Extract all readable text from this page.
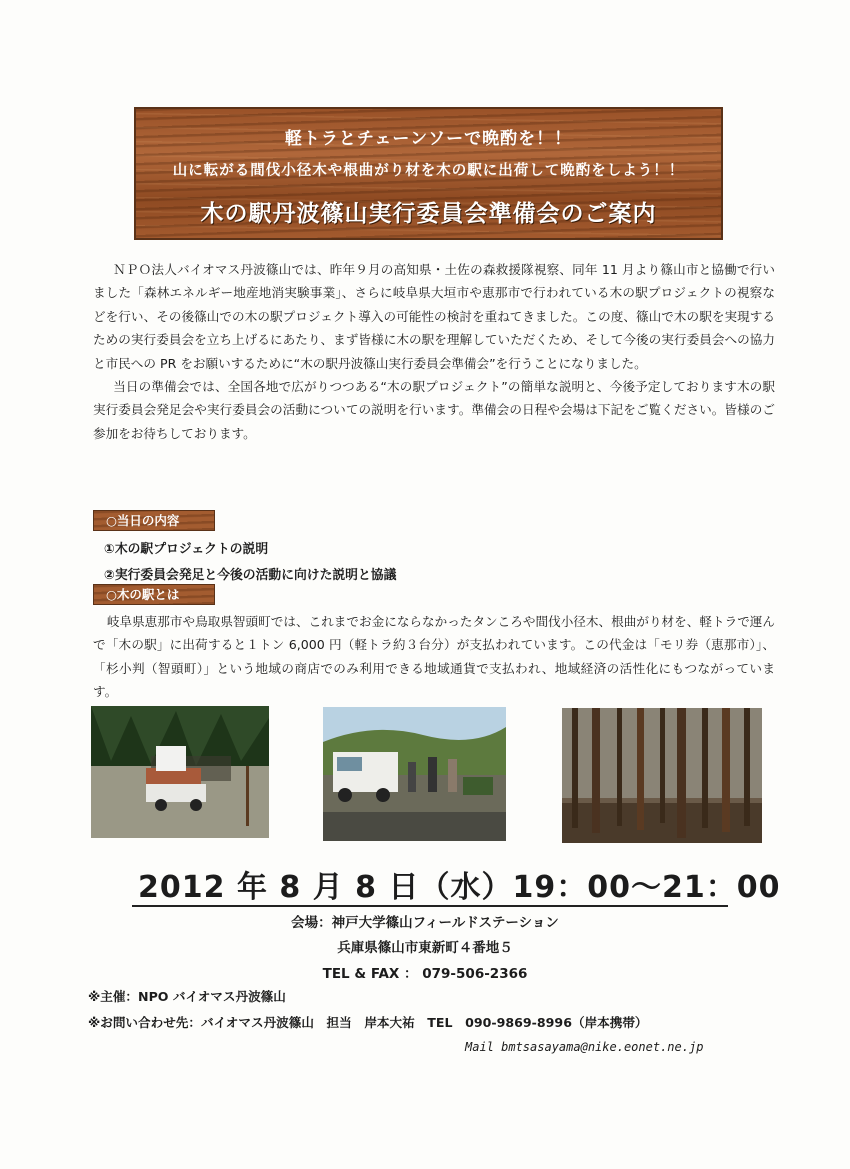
軽トラとチェーンソーで晩酌を！！
山に転がる間伐小径木や根曲がり材を木の駅に出荷して晩酌をしよう！！
木の駅丹波篠山実行委員会準備会のご案内

ＮＰＯ法人バイオマス丹波篠山では、昨年９月の高知県・土佐の森救援隊視察、同年 11 月より篠山市と協働で行いました「森林エネルギー地産地消実験事業」、さらに岐阜県大垣市や恵那市で行われている木の駅プロジェクトの視察などを行い、その後篠山での木の駅プロジェクト導入の可能性の検討を重ねてきました。この度、篠山で木の駅を実現するための実行委員会を立ち上げるにあたり、まず皆様に木の駅を理解していただくため、そして今後の実行委員会への協力と市民への PR をお願いするために“木の駅丹波篠山実行委員会準備会”を行うことになりました。

当日の準備会では、全国各地で広がりつつある“木の駅プロジェクト”の簡単な説明と、今後予定しております木の駅実行委員会発足会や実行委員会の活動についての説明を行います。準備会の日程や会場は下記をご覧ください。皆様のご参加をお待ちしております。

○当日の内容
①木の駅プロジェクトの説明
②実行委員会発足と今後の活動に向けた説明と協議
○木の駅とは

岐阜県恵那市や鳥取県智頭町では、これまでお金にならなかったタンころや間伐小径木、根曲がり材を、軽トラで運んで「木の駅」に出荷すると１トン 6,000 円（軽トラ約３台分）が支払われています。この代金は「モリ券（恵那市）」、「杉小判（智頭町）」という地域の商店でのみ利用できる地域通貨で支払われ、地域経済の活性化にもつながっています。

2012 年 8 月 8 日（水）19：00～21：00
会場：神戸大学篠山フィールドステーション
兵庫県篠山市東新町４番地５
TEL & FAX ： 079-506-2366
※主催：NPO バイオマス丹波篠山
※お問い合わせ先：バイオマス丹波篠山　担当　岸本大祐　TEL　090-9869-8996（岸本携帯）
Mail bmtsasayama@nike.eonet.ne.jp
